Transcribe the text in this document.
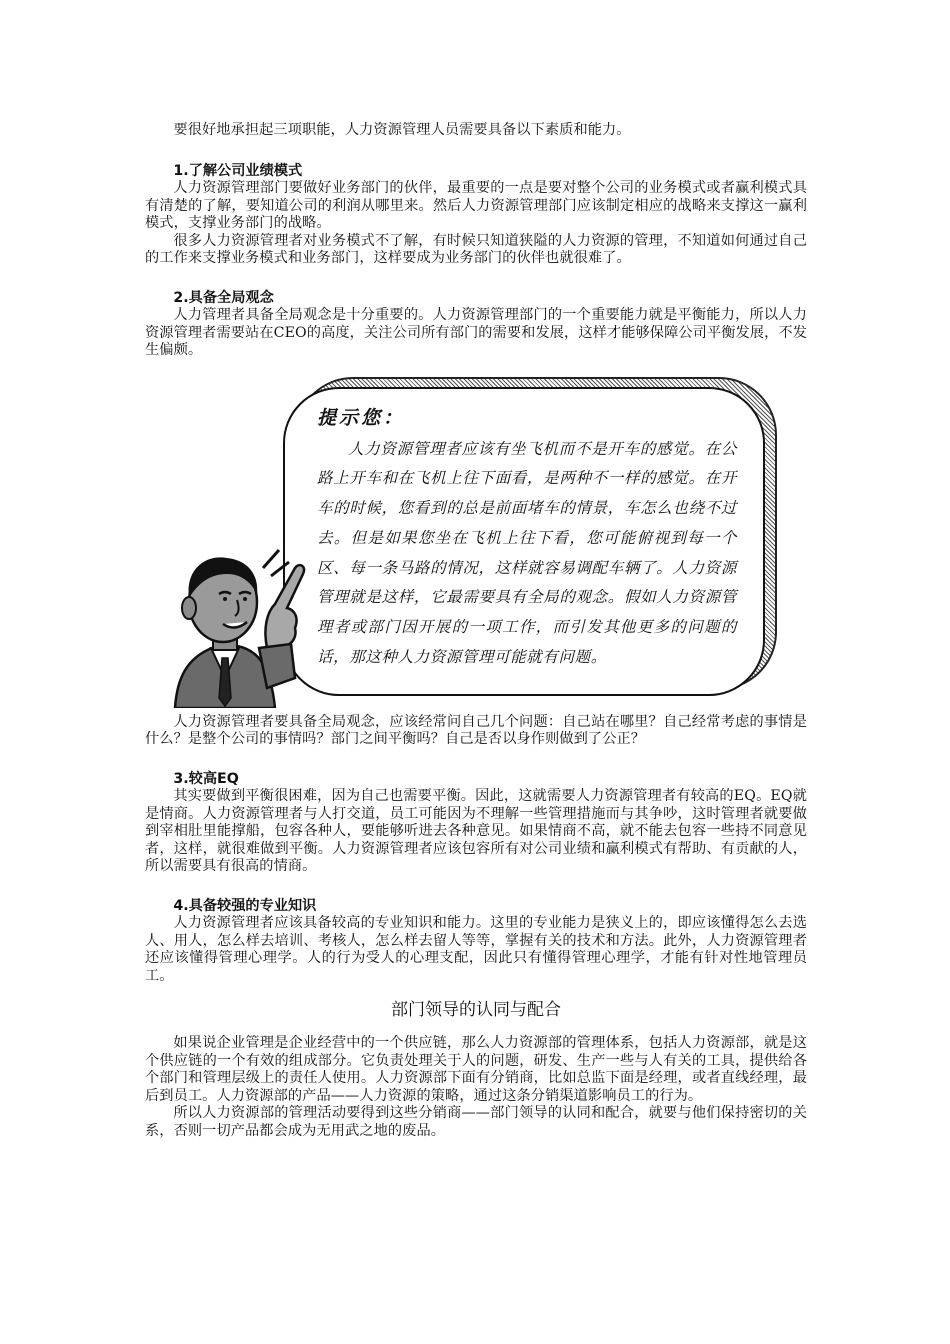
要很好地承担起三项职能，人力资源管理人员需要具备以下素质和能力。

1.了解公司业绩模式

人力资源管理部门要做好业务部门的伙伴，最重要的一点是要对整个公司的业务模式或者赢利模式具有清楚的了解，要知道公司的利润从哪里来。然后人力资源管理部门应该制定相应的战略来支撑这一赢利模式，支撑业务部门的战略。

很多人力资源管理者对业务模式不了解，有时候只知道狭隘的人力资源的管理，不知道如何通过自己的工作来支撑业务模式和业务部门，这样要成为业务部门的伙伴也就很难了。

2.具备全局观念

人力管理者具备全局观念是十分重要的。人力资源管理部门的一个重要能力就是平衡能力，所以人力资源管理者需要站在CEO的高度，关注公司所有部门的需要和发展，这样才能够保障公司平衡发展，不发生偏颇。

提示您：
人力资源管理者应该有坐飞机而不是开车的感觉。在公路上开车和在飞机上往下面看，是两种不一样的感觉。在开车的时候，您看到的总是前面堵车的情景，车怎么也绕不过去。但是如果您坐在飞机上往下看，您可能俯视到每一个区、每一条马路的情况，这样就容易调配车辆了。人力资源管理就是这样，它最需要具有全局的观念。假如人力资源管理者或部门因开展的一项工作，而引发其他更多的问题的话，那这种人力资源管理可能就有问题。

人力资源管理者要具备全局观念，应该经常问自己几个问题：自己站在哪里？自己经常考虑的事情是什么？是整个公司的事情吗？部门之间平衡吗？自己是否以身作则做到了公正？

3.较高EQ

其实要做到平衡很困难，因为自己也需要平衡。因此，这就需要人力资源管理者有较高的EQ。EQ就是情商。人力资源管理者与人打交道，员工可能因为不理解一些管理措施而与其争吵，这时管理者就要做到宰相肚里能撑船，包容各种人，要能够听进去各种意见。如果情商不高，就不能去包容一些持不同意见者，这样，就很难做到平衡。人力资源管理者应该包容所有对公司业绩和赢利模式有帮助、有贡献的人，所以需要具有很高的情商。

4.具备较强的专业知识

人力资源管理者应该具备较高的专业知识和能力。这里的专业能力是狭义上的，即应该懂得怎么去选人、用人，怎么样去培训、考核人，怎么样去留人等等，掌握有关的技术和方法。此外，人力资源管理者还应该懂得管理心理学。人的行为受人的心理支配，因此只有懂得管理心理学，才能有针对性地管理员工。

部门领导的认同与配合

如果说企业管理是企业经营中的一个供应链，那么人力资源部的管理体系，包括人力资源部，就是这个供应链的一个有效的组成部分。它负责处理关于人的问题，研发、生产一些与人有关的工具，提供给各个部门和管理层级上的责任人使用。人力资源部下面有分销商，比如总监下面是经理，或者直线经理，最后到员工。人力资源部的产品——人力资源的策略，通过这条分销渠道影响员工的行为。

所以人力资源部的管理活动要得到这些分销商——部门领导的认同和配合，就要与他们保持密切的关系，否则一切产品都会成为无用武之地的废品。
